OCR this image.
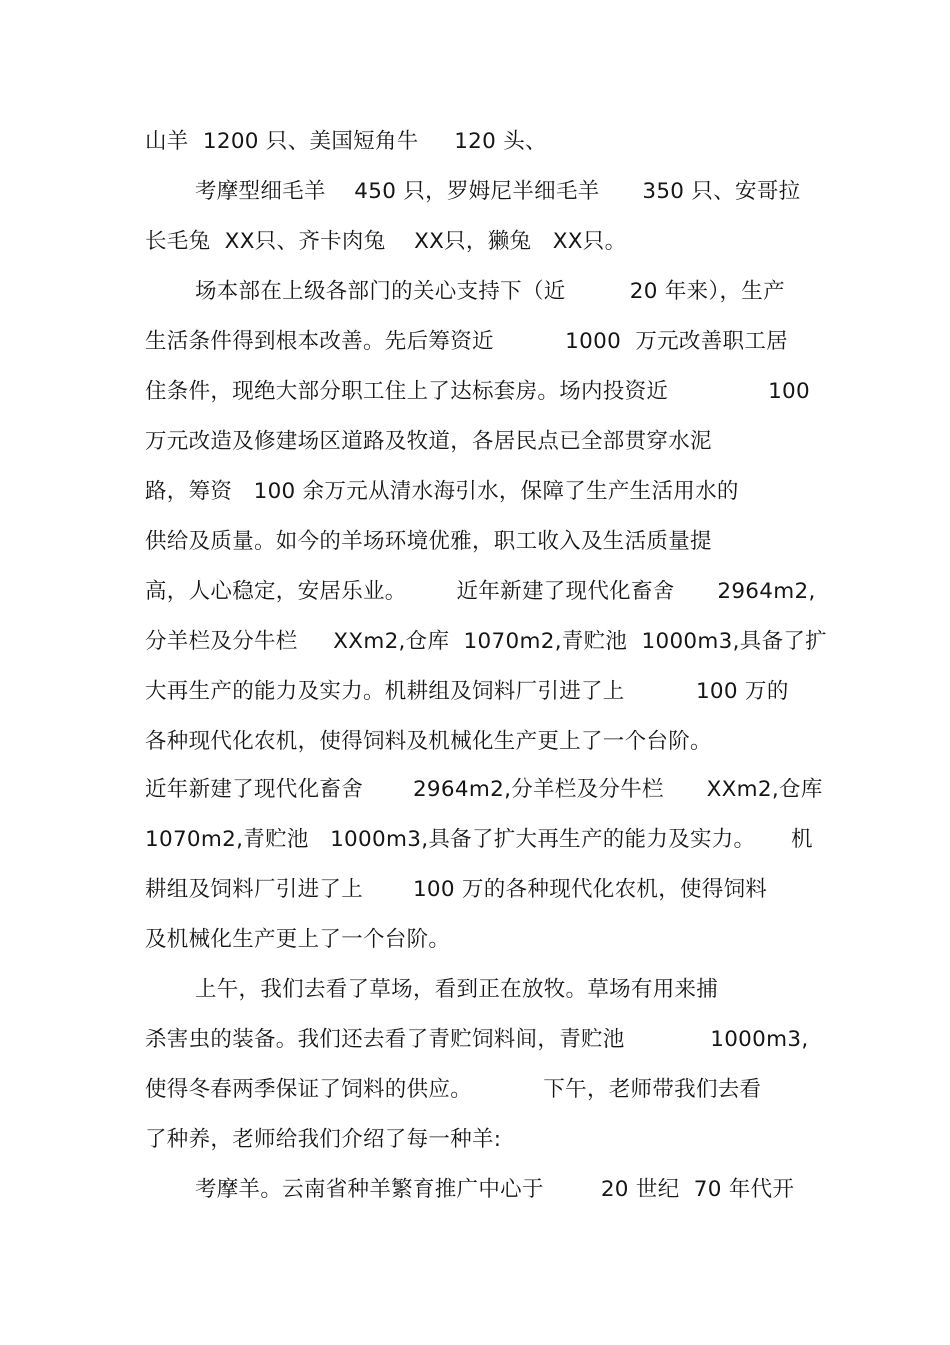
山羊  1200 只、美国短角牛     120 头、
考摩型细毛羊    450 只，罗姆尼半细毛羊      350 只、安哥拉
长毛兔  XX只、齐卡肉兔    XX只，獭兔   XX只。
场本部在上级各部门的关心支持下（近         20 年来），生产
生活条件得到根本改善。先后筹资近          1000  万元改善职工居
住条件，现绝大部分职工住上了达标套房。场内投资近              100
万元改造及修建场区道路及牧道，各居民点已全部贯穿水泥
路，筹资   100 余万元从清水海引水，保障了生产生活用水的
供给及质量。如今的羊场环境优雅，职工收入及生活质量提
高，人心稳定，安居乐业。       近年新建了现代化畜舍      2964m2,
分羊栏及分牛栏     XXm2,仓库  1070m2,青贮池  1000m3,具备了扩
大再生产的能力及实力。机耕组及饲料厂引进了上          100 万的
各种现代化农机，使得饲料及机械化生产更上了一个台阶。
近年新建了现代化畜舍       2964m2,分羊栏及分牛栏      XXm2,仓库
1070m2,青贮池   1000m3,具备了扩大再生产的能力及实力。     机
耕组及饲料厂引进了上       100 万的各种现代化农机，使得饲料
及机械化生产更上了一个台阶。
上午，我们去看了草场，看到正在放牧。草场有用来捕
杀害虫的装备。我们还去看了青贮饲料间，青贮池            1000m3,
使得冬春两季保证了饲料的供应。          下午，老师带我们去看
了种养，老师给我们介绍了每一种羊:
考摩羊。云南省种羊繁育推广中心于        20 世纪  70 年代开
